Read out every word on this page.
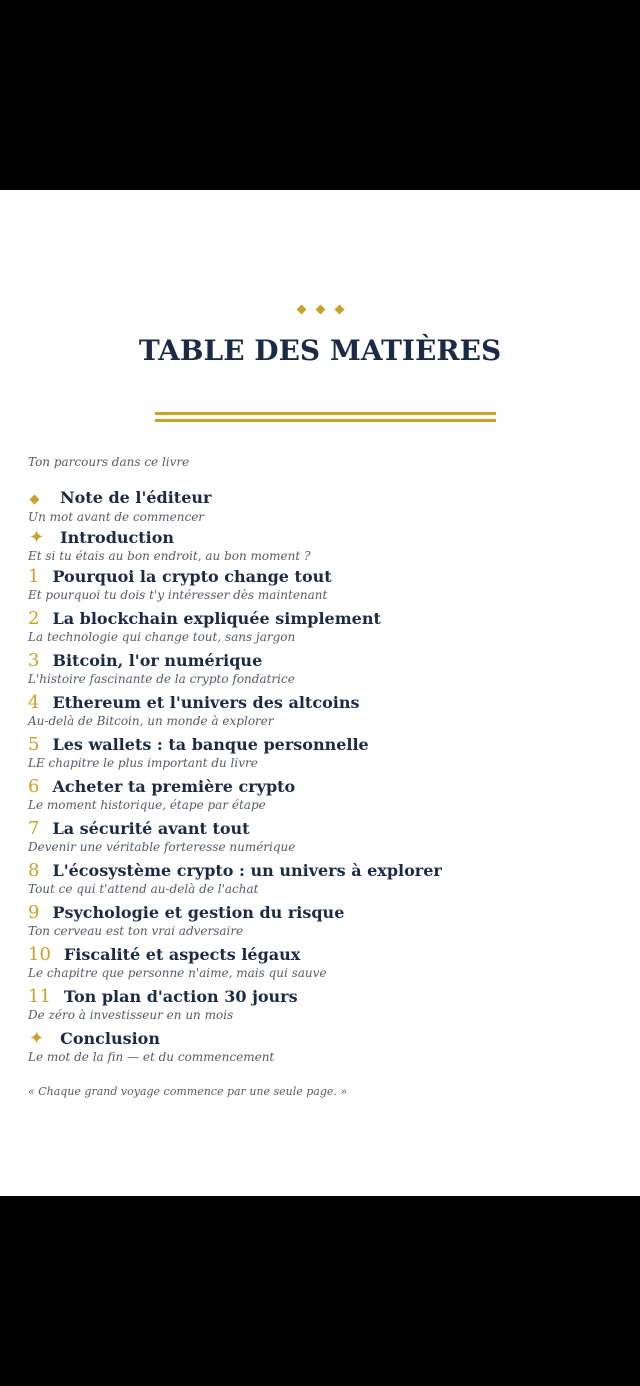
TABLE DES MATIÈRES
Ton parcours dans ce livre
Note de l'éditeur
Un mot avant de commencer
✦ Introduction
Et si tu étais au bon endroit, au bon moment ?
1 Pourquoi la crypto change tout
Et pourquoi tu dois t'y intéresser dès maintenant
2 La blockchain expliquée simplement
La technologie qui change tout, sans jargon
3 Bitcoin, l'or numérique
L'histoire fascinante de la crypto fondatrice
4 Ethereum et l'univers des altcoins
Au-delà de Bitcoin, un monde à explorer
5 Les wallets : ta banque personnelle
LE chapitre le plus important du livre
6 Acheter ta première crypto
Le moment historique, étape par étape
7 La sécurité avant tout
Devenir une véritable forteresse numérique
8 L'écosystème crypto : un univers à explorer
Tout ce qui t'attend au-delà de l'achat
9 Psychologie et gestion du risque
Ton cerveau est ton vrai adversaire
10 Fiscalité et aspects légaux
Le chapitre que personne n'aime, mais qui sauve
11 Ton plan d'action 30 jours
De zéro à investisseur en un mois
✦ Conclusion
Le mot de la fin — et du commencement
« Chaque grand voyage commence par une seule page. »
